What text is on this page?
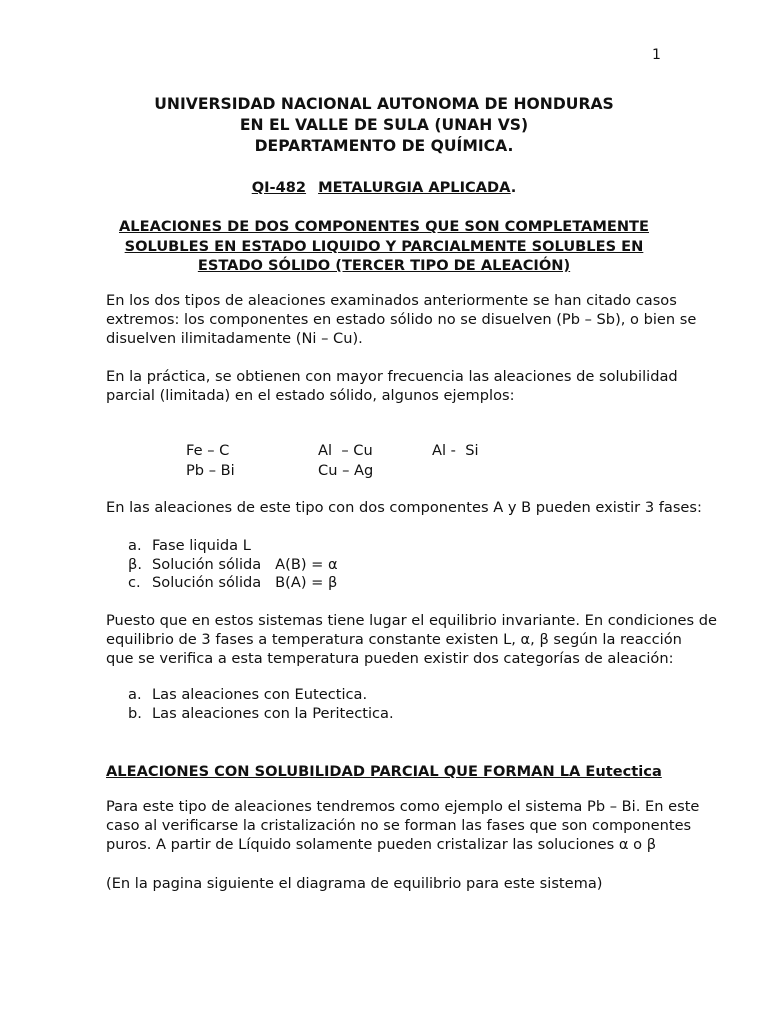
1
UNIVERSIDAD NACIONAL AUTONOMA DE HONDURAS
EN EL VALLE DE SULA (UNAH VS)
DEPARTAMENTO DE QUÍMICA.
QI-482 METALURGIA APLICADA.
ALEACIONES DE DOS COMPONENTES QUE SON COMPLETAMENTE
SOLUBLES EN ESTADO LIQUIDO Y PARCIALMENTE SOLUBLES EN
ESTADO SÓLIDO (TERCER TIPO DE ALEACIÓN)
En los dos tipos de aleaciones examinados anteriormente se han citado casos
extremos: los componentes en estado sólido no se disuelven (Pb – Sb), o bien se
disuelven ilimitadamente (Ni – Cu).
En la práctica, se obtienen con mayor frecuencia las aleaciones de solubilidad
parcial (limitada) en el estado sólido, algunos ejemplos:
Fe – C	Al  – Cu	Al -  Si
Pb – Bi	Cu – Ag
En las aleaciones de este tipo con dos componentes A y B pueden existir 3 fases:

a.

Fase liquida L

β.

Solución sólida   A(B) = α

c.

Solución sólida   B(A) = β

Puesto que en estos sistemas tiene lugar el equilibrio invariante. En condiciones de
equilibrio de 3 fases a temperatura constante existen L, α, β según la reacción
que se verifica a esta temperatura pueden existir dos categorías de aleación:

a.

Las aleaciones con Eutectica.

b.

Las aleaciones con la Peritectica.

ALEACIONES CON SOLUBILIDAD PARCIAL QUE FORMAN LA Eutectica
Para este tipo de aleaciones tendremos como ejemplo el sistema Pb – Bi. En este
caso al verificarse la cristalización no se forman las fases que son componentes
puros. A partir de Líquido solamente pueden cristalizar las soluciones α o β
(En la pagina siguiente el diagrama de equilibrio para este sistema)
